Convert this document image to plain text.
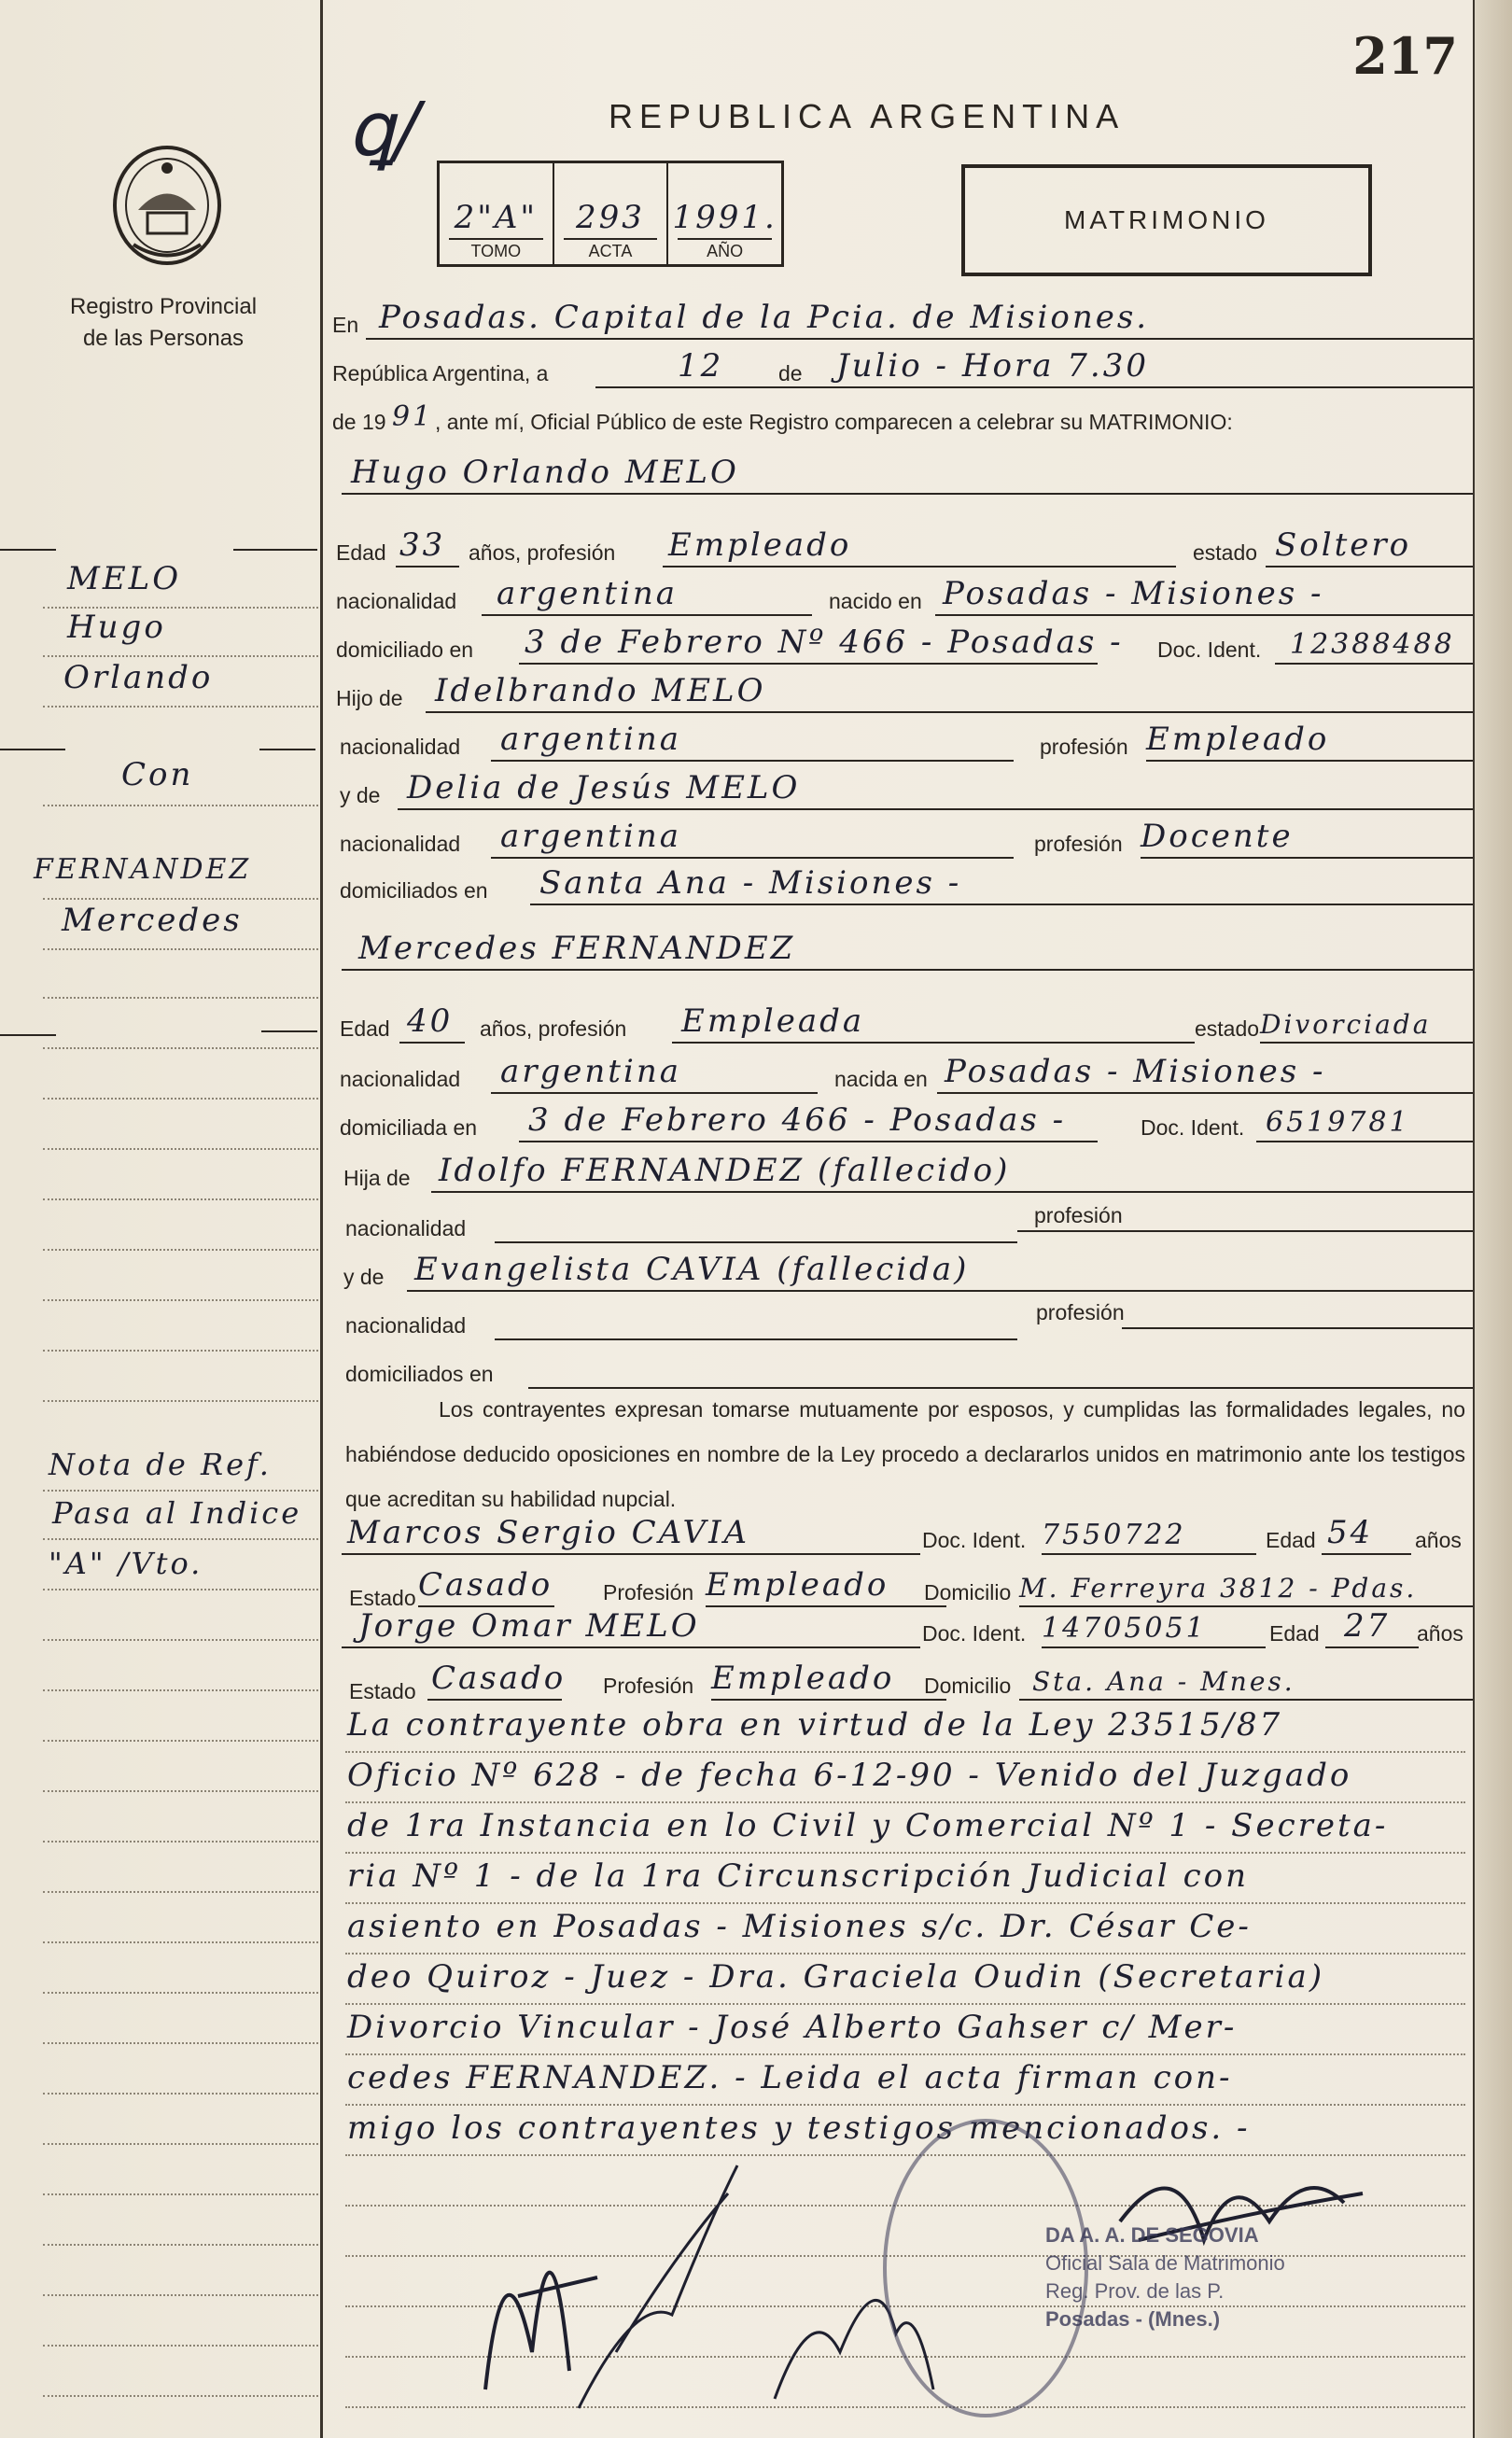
Registro Provincial
de las Personas
MELO
Hugo
Orlando
Con
FERNANDEZ
Mercedes
Nota de Ref.
Pasa al Indice
"A" /Vto.
217
ꝗ/	REPUBLICA ARGENTINA
2"A"
TOMO
293
ACTA
1991.
AÑO
MATRIMONIO
En Posadas. Capital de la Pcia. de Misiones.
República Argentina, a	12	de Julio - Hora 7.30
de 19 91 , ante mí, Oficial Público de este Registro comparecen a celebrar su MATRIMONIO:
Hugo Orlando MELO
Edad 33 años, profesión Empleado	estado Soltero
nacionalidad argentina	nacido en Posadas - Misiones -
domiciliado en 3 de Febrero Nº 466 - Posadas - Doc. Ident. 12388488
Hijo de Idelbrando MELO
nacionalidad argentina	profesión Empleado
y de Delia de Jesús MELO
nacionalidad argentina	profesión Docente
domiciliados en Santa Ana - Misiones -
Mercedes FERNANDEZ
Edad 40 años, profesión Empleada	estado Divorciada
nacionalidad argentina	nacida en Posadas - Misiones -
domiciliada en 3 de Febrero 466 - Posadas -	Doc. Ident. 6519781
Hija de Idolfo FERNANDEZ (fallecido)
nacionalidad
profesión
y de Evangelista CAVIA (fallecida)
nacionalidad
profesión
domiciliados en
Los contrayentes expresan tomarse mutuamente por esposos, y cumplidas las formalidades legales, no habiéndose deducido oposiciones en nombre de la Ley procedo a declararlos unidos en matrimonio ante los testigos que acreditan su habilidad nupcial.
Marcos Sergio CAVIA	Doc. Ident. 7550722	Edad 54 años
Estado Casado Profesión Empleado Domicilio M. Ferreyra 3812 - Pdas.
Jorge Omar MELO	Doc. Ident. 14705051	Edad 27 años
Estado Casado Profesión Empleado Domicilio Sta. Ana - Mnes.
La contrayente obra en virtud de la Ley 23515/87
Oficio Nº 628 - de fecha 6-12-90 - Venido del Juzgado
de 1ra Instancia en lo Civil y Comercial Nº 1 - Secreta-
ria Nº 1 - de la 1ra Circunscripción Judicial con
asiento en Posadas - Misiones s/c. Dr. César Ce-
deo Quiroz - Juez - Dra. Graciela Oudin (Secretaria)
Divorcio Vincular - José Alberto Gahser c/ Mer-
cedes FERNANDEZ. - Leida el acta firman con-
migo los contrayentes y testigos mencionados. -
DA A. A. DE SEGOVIA
Oficial Sala de Matrimonio
Reg. Prov. de las P.
Posadas - (Mnes.)
